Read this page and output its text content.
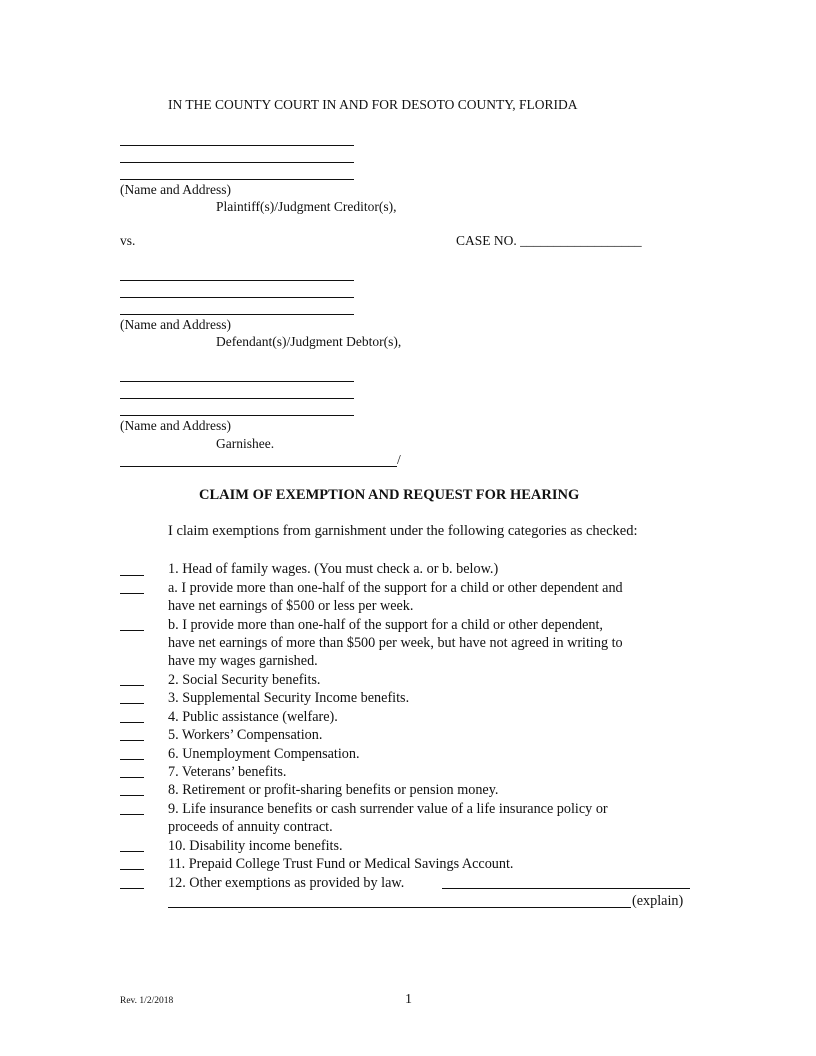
IN THE COUNTY COURT IN AND FOR DESOTO COUNTY, FLORIDA
(Name and Address)
Plaintiff(s)/Judgment Creditor(s),
vs.	CASE NO. __________________
(Name and Address)
Defendant(s)/Judgment Debtor(s),
(Name and Address)
Garnishee.
/
CLAIM OF EXEMPTION AND REQUEST FOR HEARING
I claim exemptions from garnishment under the following categories as checked:
1. Head of family wages. (You must check a. or b. below.)
a. I provide more than one-half of the support for a child or other dependent and
have net earnings of $500 or less per week.
b. I provide more than one-half of the support for a child or other dependent,
have net earnings of more than $500 per week, but have not agreed in writing to
have my wages garnished.
2. Social Security benefits.
3. Supplemental Security Income benefits.
4. Public assistance (welfare).
5. Workers’ Compensation.
6. Unemployment Compensation.
7. Veterans’ benefits.
8. Retirement or profit-sharing benefits or pension money.
9. Life insurance benefits or cash surrender value of a life insurance policy or
proceeds of annuity contract.
10. Disability income benefits.
11. Prepaid College Trust Fund or Medical Savings Account.
12. Other exemptions as provided by law.
(explain)
Rev. 1/2/2018	1
